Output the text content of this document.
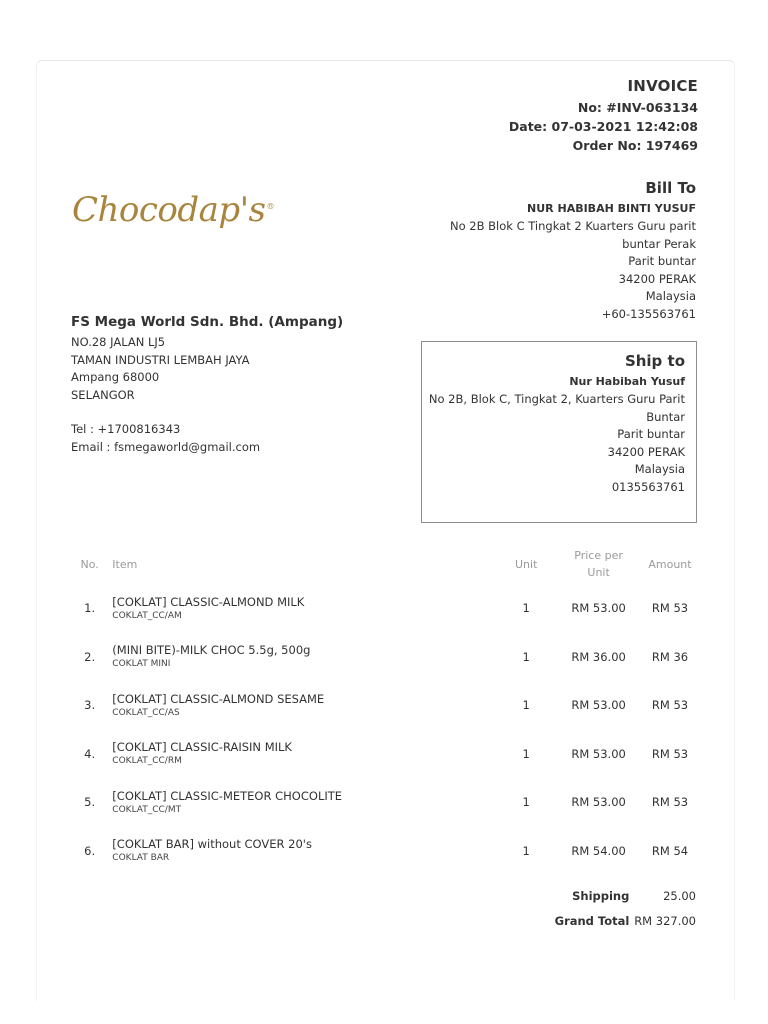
INVOICE
No: #INV-063134
Date: 07-03-2021 12:42:08
Order No: 197469
Chocodap's®
Bill To
NUR HABIBAH BINTI YUSUF
No 2B Blok C Tingkat 2 Kuarters Guru parit
buntar Perak
Parit buntar
34200 PERAK
Malaysia
+60-135563761
FS Mega World Sdn. Bhd. (Ampang)
NO.28 JALAN LJ5
TAMAN INDUSTRI LEMBAH JAYA
Ampang 68000
SELANGOR
Tel : +1700816343
Email : fsmegaworld@gmail.com
Ship to
Nur Habibah Yusuf
No 2B, Blok C, Tingkat 2, Kuarters Guru Parit
Buntar
Parit buntar
34200 PERAK
Malaysia
0135563761
No.	Item	Unit	Price per
Unit	Amount
1.	[COKLAT] CLASSIC-ALMOND MILK
COKLAT_CC/AM	1	RM 53.00	RM 53
2.	(MINI BITE)-MILK CHOC 5.5g, 500g
COKLAT MINI	1	RM 36.00	RM 36
3.	[COKLAT] CLASSIC-ALMOND SESAME
COKLAT_CC/AS	1	RM 53.00	RM 53
4.	[COKLAT] CLASSIC-RAISIN MILK
COKLAT_CC/RM	1	RM 53.00	RM 53
5.	[COKLAT] CLASSIC-METEOR CHOCOLITE
COKLAT_CC/MT	1	RM 53.00	RM 53
6.	[COKLAT BAR] without COVER 20's
COKLAT BAR	1	RM 54.00	RM 54
Shipping	25.00
Grand Total RM 327.00
